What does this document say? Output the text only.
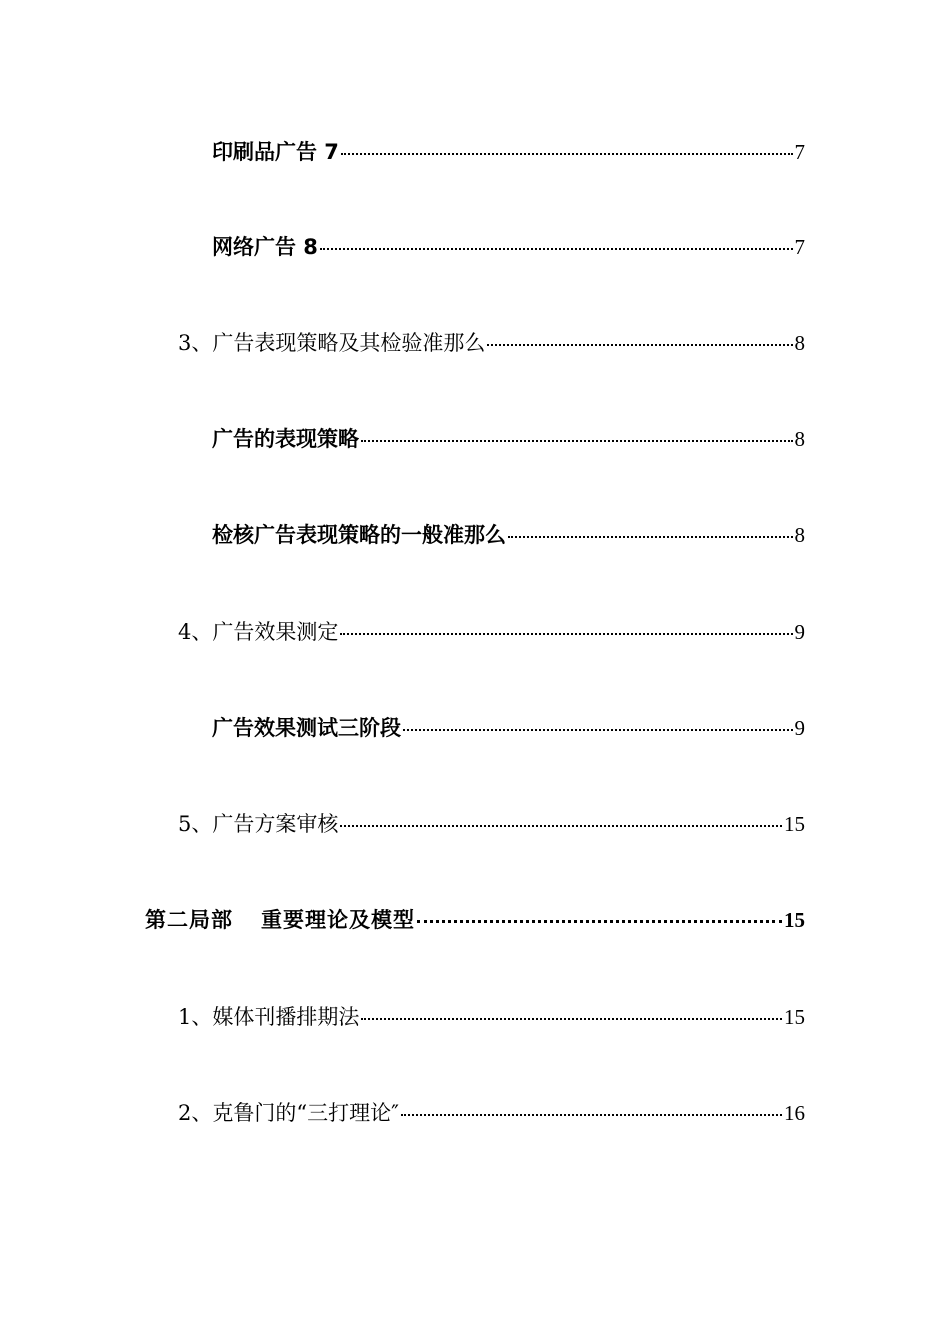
印刷品广告 7	7
网络广告 8	7
3、广告表现策略及其检验准那么	8
广告的表现策略	8
检核广告表现策略的一般准那么	8
4、广告效果测定	9
广告效果测试三阶段	9
5、广告方案审核	15
第二局部 重要理论及模型	15
1、媒体刊播排期法	15
2、克鲁门的“三打理论″	16
